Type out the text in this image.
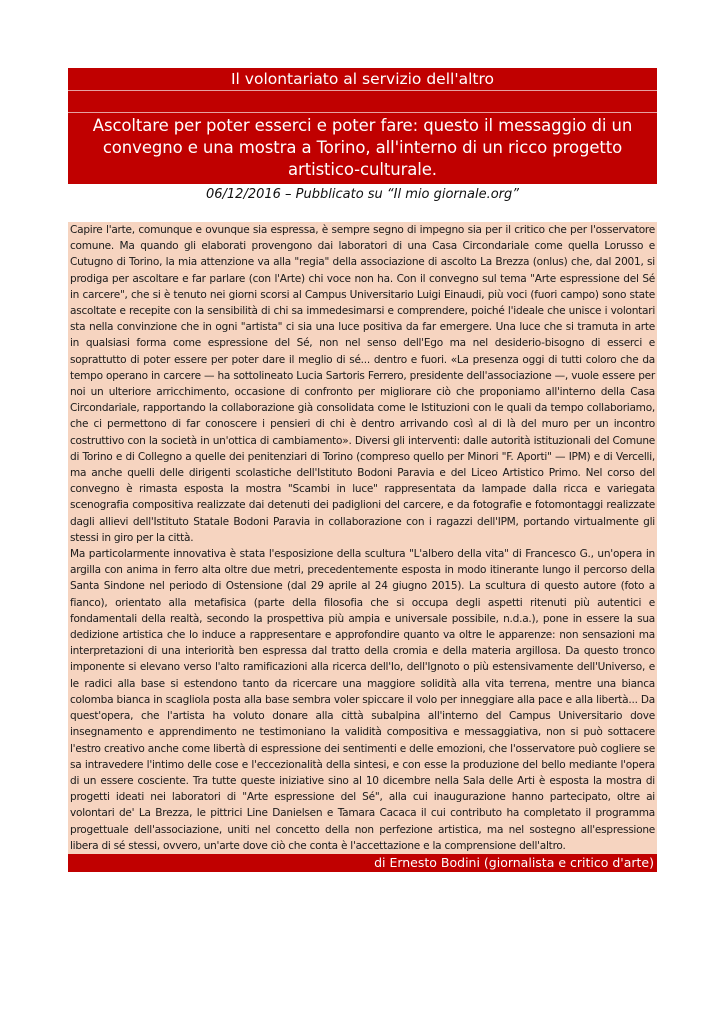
Il volontariato al servizio dell'altro
Ascoltare per poter esserci e poter fare: questo il messaggio di un convegno e una mostra a Torino, all'interno di un ricco progetto artistico-culturale.
06/12/2016 – Pubblicato su “Il mio giornale.org”

Capire l'arte, comunque e ovunque sia espressa, è sempre segno di impegno sia per il critico che per l'osservatore comune. Ma quando gli elaborati provengono dai laboratori di una Casa Circondariale come quella Lorusso e Cutugno di Torino, la mia attenzione va alla "regia" della associazione di ascolto La Brezza (onlus) che, dal 2001, si prodiga per ascoltare e far parlare (con l'Arte) chi voce non ha. Con il convegno sul tema "Arte espressione del Sé in carcere", che si è tenuto nei giorni scorsi al Campus Universitario Luigi Einaudi, più voci (fuori campo) sono state ascoltate e recepite con la sensibilità di chi sa immedesimarsi e comprendere, poiché l'ideale che unisce i volontari sta nella convinzione che in ogni "artista" ci sia una luce positiva da far emergere. Una luce che si tramuta in arte in qualsiasi forma come espressione del Sé, non nel senso dell'Ego ma nel desiderio-bisogno di esserci e soprattutto di poter essere per poter dare il meglio di sé... dentro e fuori. «La presenza oggi di tutti coloro che da tempo operano in carcere — ha sottolineato Lucia Sartoris Ferrero, presidente dell'associazione —, vuole essere per noi un ulteriore arricchimento, occasione di confronto per migliorare ciò che proponiamo all'interno della Casa Circondariale, rapportando la collaborazione già consolidata come le Istituzioni con le quali da tempo collaboriamo, che ci permettono di far conoscere i pensieri di chi è dentro arrivando così al di là del muro per un incontro costruttivo con la società in un'ottica di cambiamento». Diversi gli interventi: dalle autorità istituzionali del Comune di Torino e di Collegno a quelle dei penitenziari di Torino (compreso quello per Minori "F. Aporti" — IPM) e di Vercelli, ma anche quelli delle dirigenti scolastiche dell'Istituto Bodoni Paravia e del Liceo Artistico Primo. Nel corso del convegno è rimasta esposta la mostra "Scambi in luce" rappresentata da lampade dalla ricca e variegata scenografia compositiva realizzate dai detenuti dei padiglioni del carcere, e da fotografie e fotomontaggi realizzate dagli allievi dell'Istituto Statale Bodoni Paravia in collaborazione con i ragazzi dell'IPM, portando virtualmente gli stessi in giro per la città.

Ma particolarmente innovativa è stata l'esposizione della scultura "L'albero della vita" di Francesco G., un'opera in argilla con anima in ferro alta oltre due metri, precedentemente esposta in modo itinerante lungo il percorso della Santa Sindone nel periodo di Ostensione (dal 29 aprile al 24 giugno 2015). La scultura di questo autore (foto a fianco), orientato alla metafisica (parte della filosofia che si occupa degli aspetti ritenuti più autentici e fondamentali della realtà, secondo la prospettiva più ampia e universale possibile, n.d.a.), pone in essere la sua dedizione artistica che lo induce a rappresentare e approfondire quanto va oltre le apparenze: non sensazioni ma interpretazioni di una interiorità ben espressa dal tratto della cromia e della materia argillosa. Da questo tronco imponente si elevano verso l'alto ramificazioni alla ricerca dell'Io, dell'Ignoto o più estensivamente dell'Universo, e le radici alla base si estendono tanto da ricercare una maggiore solidità alla vita terrena, mentre una bianca colomba bianca in scagliola posta alla base sembra voler spiccare il volo per inneggiare alla pace e alla libertà... Da quest'opera, che l'artista ha voluto donare alla città subalpina all'interno del Campus Universitario dove insegnamento e apprendimento ne testimoniano la validità compositiva e messaggiativa, non si può sottacere l'estro creativo anche come libertà di espressione dei sentimenti e delle emozioni, che l'osservatore può cogliere se sa intravedere l'intimo delle cose e l'eccezionalità della sintesi, e con esse la produzione del bello mediante l'opera di un essere cosciente. Tra tutte queste iniziative sino al 10 dicembre nella Sala delle Arti è esposta la mostra di progetti ideati nei laboratori di "Arte espressione del Sé", alla cui inaugurazione hanno partecipato, oltre ai volontari de' La Brezza, le pittrici Line Danielsen e Tamara Cacaca il cui contributo ha completato il programma progettuale dell'associazione, uniti nel concetto della non perfezione artistica, ma nel sostegno all'espressione libera di sé stessi, ovvero, un'arte dove ciò che conta è l'accettazione e la comprensione dell'altro.

di Ernesto Bodini (giornalista e critico d'arte)
